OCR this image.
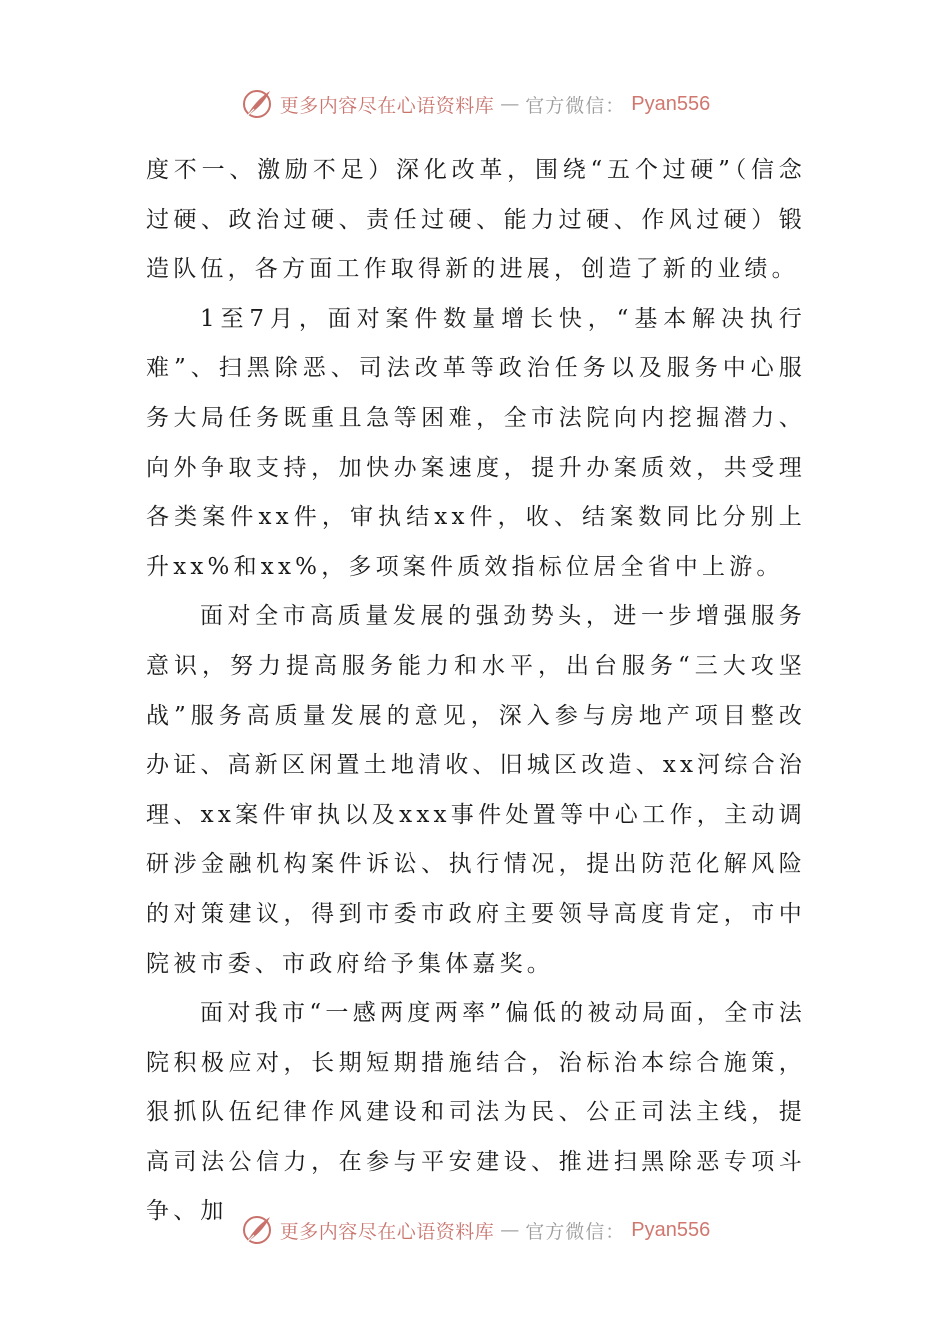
更多内容尽在心语资料库 — 官方微信： Pyan556

度不一、激励不足）深化改革，围绕“五个过硬”（信念过硬、政治过硬、责任过硬、能力过硬、作风过硬）锻造队伍，各方面工作取得新的进展，创造了新的业绩。

1至7月，面对案件数量增长快，“基本解决执行难”、扫黑除恶、司法改革等政治任务以及服务中心服务大局任务既重且急等困难，全市法院向内挖掘潜力、向外争取支持，加快办案速度，提升办案质效，共受理各类案件xx件，审执结xx件，收、结案数同比分别上升xx%和xx%，多项案件质效指标位居全省中上游。

面对全市高质量发展的强劲势头，进一步增强服务意识，努力提高服务能力和水平，出台服务“三大攻坚战”服务高质量发展的意见，深入参与房地产项目整改办证、高新区闲置土地清收、旧城区改造、xx河综合治理、xx案件审执以及xxx事件处置等中心工作，主动调研涉金融机构案件诉讼、执行情况，提出防范化解风险的对策建议，得到市委市政府主要领导高度肯定，市中院被市委、市政府给予集体嘉奖。

面对我市“一感两度两率”偏低的被动局面，全市法院积极应对，长期短期措施结合，治标治本综合施策，狠抓队伍纪律作风建设和司法为民、公正司法主线，提高司法公信力，在参与平安建设、推进扫黑除恶专项斗争、加

更多内容尽在心语资料库 — 官方微信： Pyan556
